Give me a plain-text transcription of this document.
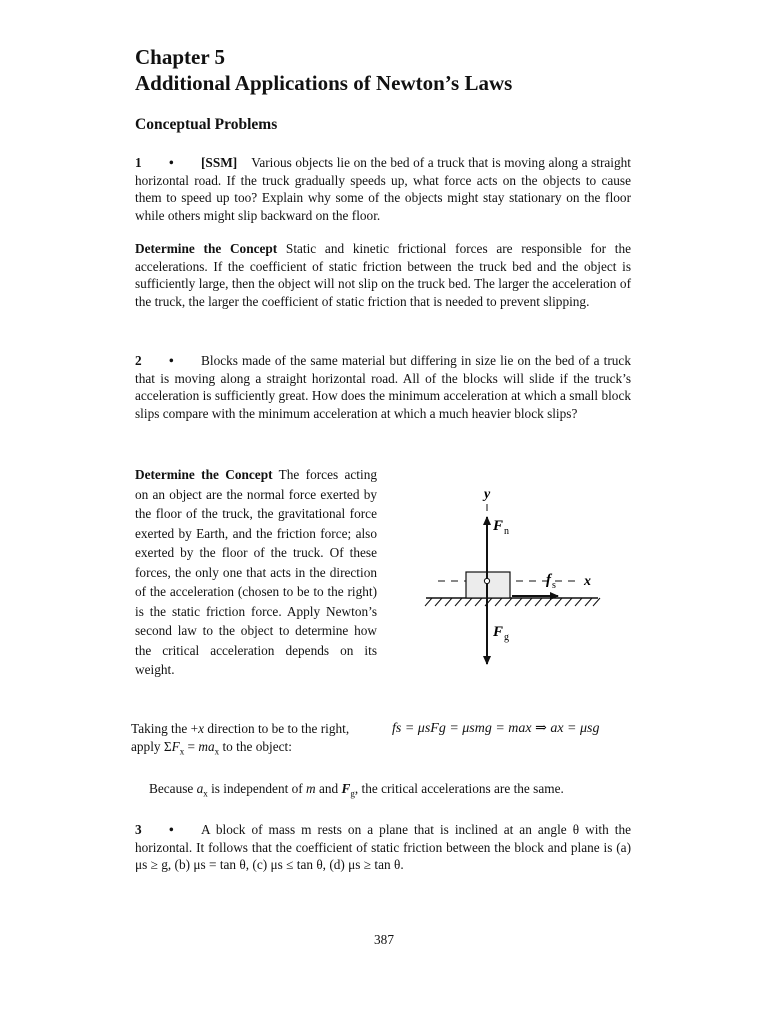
Chapter 5
Additional Applications of Newton’s Laws
Conceptual Problems

1 • [SSM] Various objects lie on the bed of a truck that is moving along a straight horizontal road. If the truck gradually speeds up, what force acts on the objects to cause them to speed up too? Explain why some of the objects might stay stationary on the floor while others might slip backward on the floor.

Determine the Concept Static and kinetic frictional forces are responsible for the accelerations. If the coefficient of static friction between the truck bed and the object is sufficiently large, then the object will not slip on the truck bed. The larger the acceleration of the truck, the larger the coefficient of static friction that is needed to prevent slipping.

2 • Blocks made of the same material but differing in size lie on the bed of a truck that is moving along a straight horizontal road. All of the blocks will slide if the truck’s acceleration is sufficiently great. How does the minimum acceleration at which a small block slips compare with the minimum acceleration at which a much heavier block slips?

Determine the Concept The forces acting on an object are the normal force exerted by the floor of the truck, the gravitational force exerted by Earth, and the friction force; also exerted by the floor of the truck. Of these forces, the only one that acts in the direction of the acceleration (chosen to be to the right) is the static friction force. Apply Newton’s second law to the object to determine how the critical acceleration depends on its weight.

y
$F_n$
$F_g$
$f_s$ x
Taking the +x direction to be to the right, apply $\Sigma F_x = ma_x$ to the object:
fs = μsFg = μsmg = max ⇒ ax = μsg
Because $a_x$ is independent of m and $F_g$, the critical accelerations are the same.

3 • A block of mass m rests on a plane that is inclined at an angle θ with the horizontal. It follows that the coefficient of static friction between the block and plane is (a) μs ≥ g, (b) μs = tan θ, (c) μs ≤ tan θ, (d) μs ≥ tan θ.

387
